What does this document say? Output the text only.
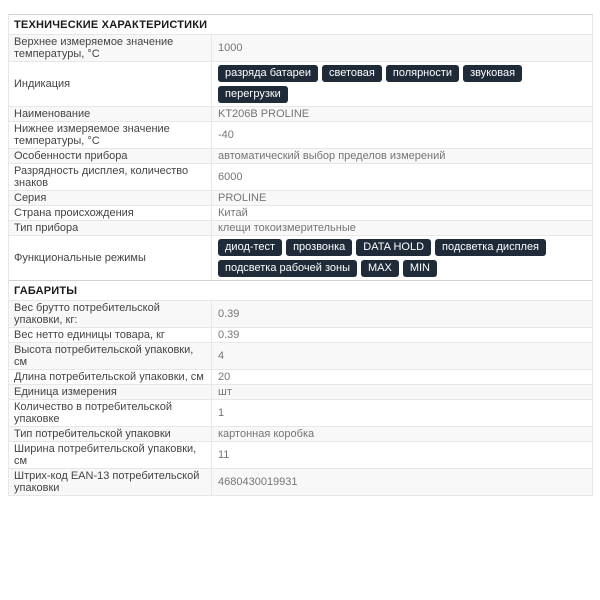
ТЕХНИЧЕСКИЕ ХАРАКТЕРИСТИКИ
Верхнее измеряемое значение температуры, °С	1000
Индикация
разряда батареи	световая	полярности	звуковая
перегрузки
Наименование	KT206B PROLINE
Нижнее измеряемое значение температуры, °С	-40
Особенности прибора	автоматический выбор пределов измерений
Разрядность дисплея, количество знаков	6000
Серия	PROLINE
Страна происхождения	Китай
Тип прибора	клещи токоизмерительные
Функциональные режимы
диод-тест	прозвонка	DATA HOLD	подсветка дисплея
подсветка рабочей зоны	MAX	MIN
ГАБАРИТЫ
Вес брутто потребительской упаковки, кг:	0.39
Вес нетто единицы товара, кг	0.39
Высота потребительской упаковки, см	4
Длина потребительской упаковки, см	20
Единица измерения	шт
Количество в потребительской упаковке	1
Тип потребительской упаковки	картонная коробка
Ширина потребительской упаковки, см	11
Штрих-код EAN-13 потребительской упаковки	4680430019931
